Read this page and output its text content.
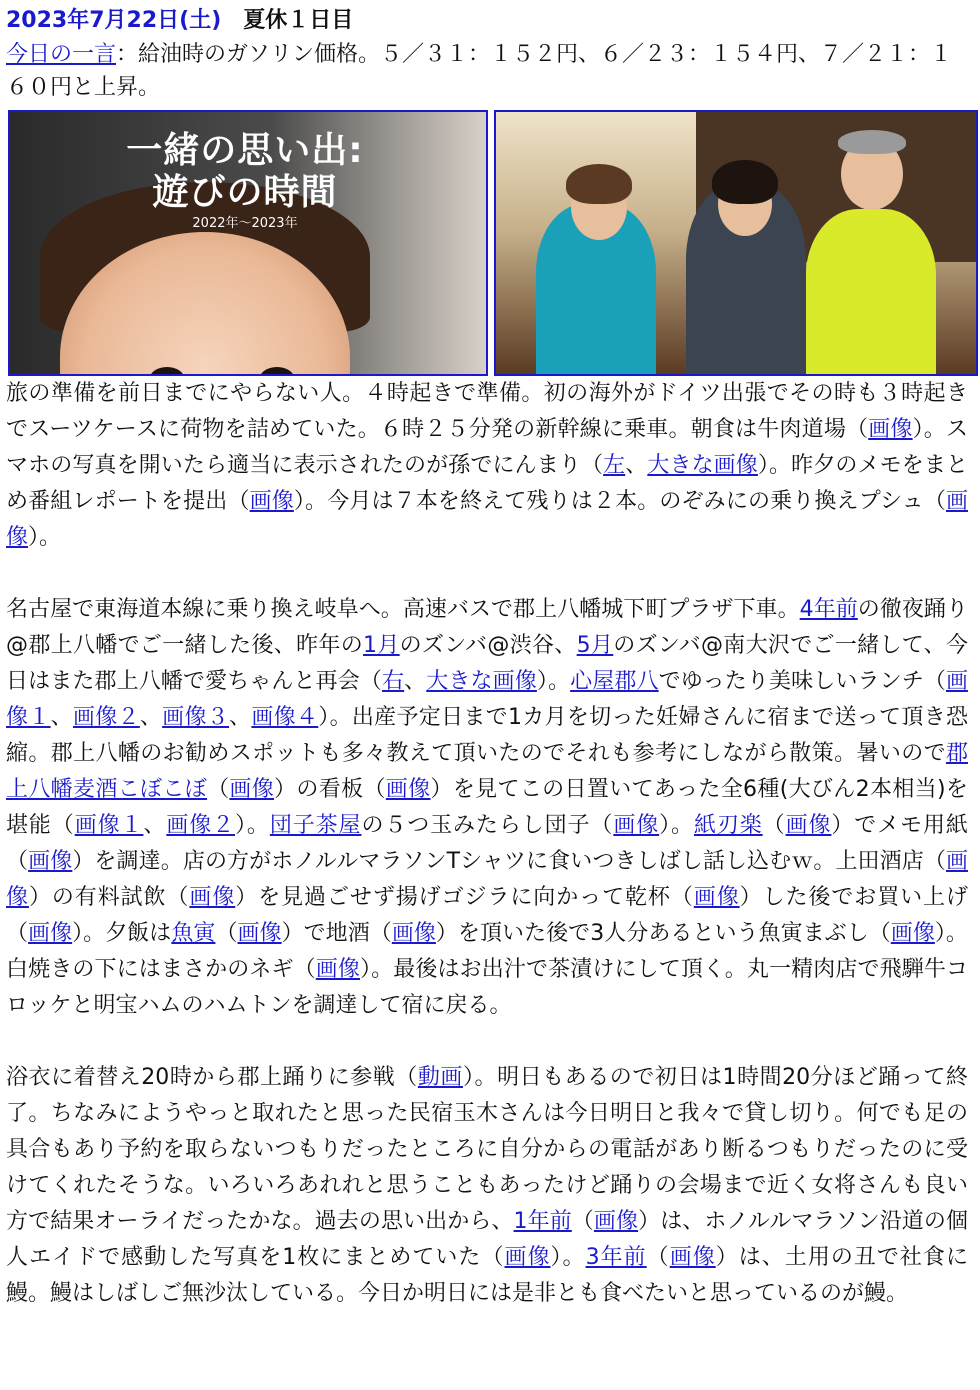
2023年7月22日(土) 夏休１日目
今日の一言：給油時のガソリン価格。５／３１：１５２円、６／２３：１５４円、７／２１：１６０円と上昇。
一緒の思い出:
遊びの時間
2022年〜2023年

旅の準備を前日までにやらない人。４時起きで準備。初の海外がドイツ出張でその時も３時起きでスーツケースに荷物を詰めていた。６時２５分発の新幹線に乗車。朝食は牛肉道場（画像）。スマホの写真を開いたら適当に表示されたのが孫でにんまり（左、大きな画像）。昨夕のメモをまとめ番組レポートを提出（画像）。今月は７本を終えて残りは２本。のぞみにの乗り換えプシュ（画像）。

名古屋で東海道本線に乗り換え岐阜へ。高速バスで郡上八幡城下町プラザ下車。4年前の徹夜踊り@郡上八幡でご一緒した後、昨年の1月のズンバ@渋谷、5月のズンバ@南大沢でご一緒して、今日はまた郡上八幡で愛ちゃんと再会（右、大きな画像）。心屋郡八でゆったり美味しいランチ（画像１、画像２、画像３、画像４）。出産予定日まで1カ月を切った妊婦さんに宿まで送って頂き恐縮。郡上八幡のお勧めスポットも多々教えて頂いたのでそれも参考にしながら散策。暑いので郡上八幡麦酒こぼこぼ（画像）の看板（画像）を見てこの日置いてあった全6種(大びん2本相当)を堪能（画像１、画像２）。団子茶屋の５つ玉みたらし団子（画像）。紙刃楽（画像）でメモ用紙（画像）を調達。店の方がホノルルマラソンTシャツに食いつきしばし話し込むｗ。上田酒店（画像）の有料試飲（画像）を見過ごせず揚げゴジラに向かって乾杯（画像）した後でお買い上げ（画像）。夕飯は魚寅（画像）で地酒（画像）を頂いた後で3人分あるという魚寅まぶし（画像）。白焼きの下にはまさかのネギ（画像）。最後はお出汁で茶漬けにして頂く。丸一精肉店で飛騨牛コロッケと明宝ハムのハムトンを調達して宿に戻る。

浴衣に着替え20時から郡上踊りに参戦（動画）。明日もあるので初日は1時間20分ほど踊って終了。ちなみにようやっと取れたと思った民宿玉木さんは今日明日と我々で貸し切り。何でも足の具合もあり予約を取らないつもりだったところに自分からの電話があり断るつもりだったのに受けてくれたそうな。いろいろあれれと思うこともあったけど踊りの会場まで近く女将さんも良い方で結果オーライだったかな。過去の思い出から、1年前（画像）は、ホノルルマラソン沿道の個人エイドで感動した写真を1枚にまとめていた（画像）。3年前（画像）は、土用の丑で社食に鰻。鰻はしばしご無沙汰している。今日か明日には是非とも食べたいと思っているのが鰻。
